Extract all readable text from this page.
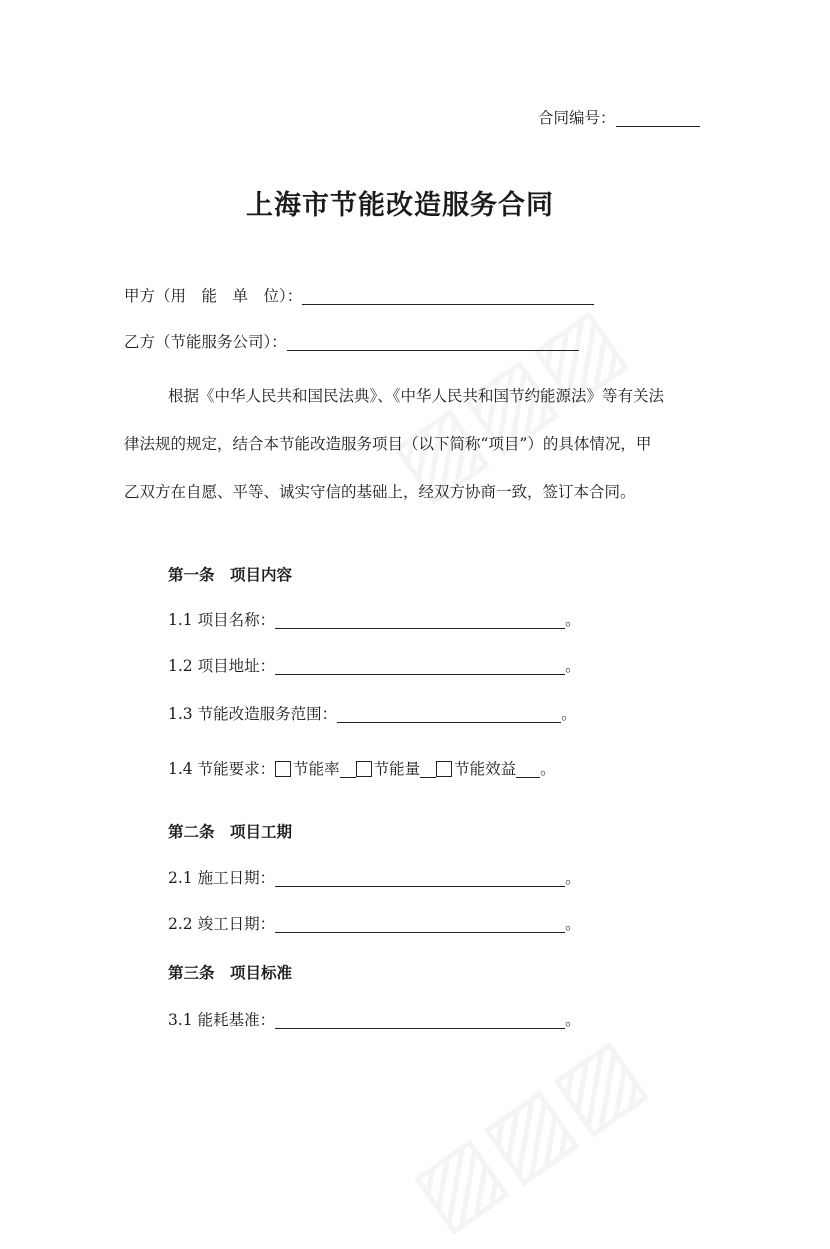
合同编号：
上海市节能改造服务合同
甲方（用　能　单　位）：
乙方（节能服务公司）：
根据《中华人民共和国民法典》、《中华人民共和国节约能源法》等有关法
律法规的规定，结合本节能改造服务项目（以下简称“项目”）的具体情况，甲
乙双方在自愿、平等、诚实守信的基础上，经双方协商一致，签订本合同。
第一条　项目内容
1.1 项目名称：	。
1.2 项目地址：	。
1.3 节能改造服务范围：	。
1.4 节能要求： 节能率 节能量 节能效益 。
第二条　项目工期
2.1 施工日期：	。
2.2 竣工日期：	。
第三条　项目标准
3.1 能耗基准：	。
